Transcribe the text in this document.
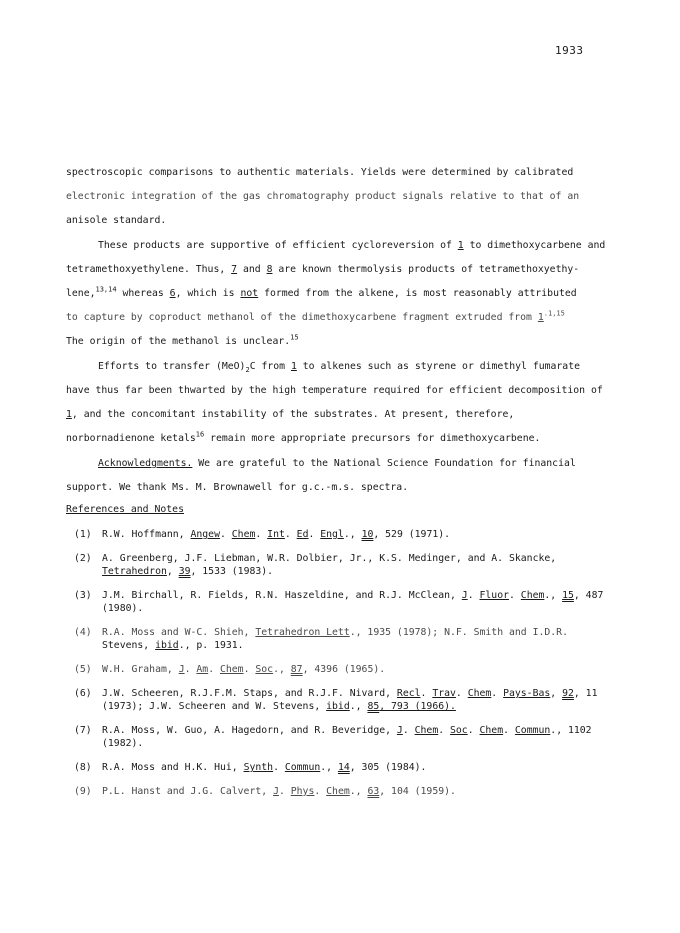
1933
spectroscopic comparisons to authentic materials. Yields were determined by calibrated
electronic integration of the gas chromatography product signals relative to that of an
anisole standard.
These products are supportive of efficient cycloreversion of 1 to dimethoxycarbene and
tetramethoxyethylene. Thus, 7 and 8 are known thermolysis products of tetramethoxyethy-
lene,$^{13,14}$ whereas 6, which is not formed from the alkene, is most reasonably attributed
to capture by coproduct methanol of the dimethoxycarbene fragment extruded from $1^{.1,15}$
The origin of the methanol is unclear.$^{15}$
Efforts to transfer $(MeO)_2C$ from 1 to alkenes such as styrene or dimethyl fumarate
have thus far been thwarted by the high temperature required for efficient decomposition of
1, and the concomitant instability of the substrates. At present, therefore,
norbornadienone ketals$^{16}$ remain more appropriate precursors for dimethoxycarbene.
Acknowledgments. We are grateful to the National Science Foundation for financial
support. We thank Ms. M. Brownawell for g.c.-m.s. spectra.
References and Notes
(1) R.W. Hoffmann, Angew. Chem. Int. Ed. Engl., 10, 529 (1971).
(2) A. Greenberg, J.F. Liebman, W.R. Dolbier, Jr., K.S. Medinger, and A. Skancke,
Tetrahedron, 39, 1533 (1983).
(3) J.M. Birchall, R. Fields, R.N. Haszeldine, and R.J. McClean, J. Fluor. Chem., 15, 487
(1980).
(4) R.A. Moss and W-C. Shieh, Tetrahedron Lett., 1935 (1978); N.F. Smith and I.D.R.
Stevens, ibid., p. 1931.
(5) W.H. Graham, J. Am. Chem. Soc., 87, 4396 (1965).
(6) J.W. Scheeren, R.J.F.M. Staps, and R.J.F. Nivard, Recl. Trav. Chem. Pays-Bas, 92, 11
(1973); J.W. Scheeren and W. Stevens, ibid., 85, 793 (1966).
(7) R.A. Moss, W. Guo, A. Hagedorn, and R. Beveridge, J. Chem. Soc. Chem. Commun., 1102
(1982).
(8) R.A. Moss and H.K. Hui, Synth. Commun., 14, 305 (1984).
(9) P.L. Hanst and J.G. Calvert, J. Phys. Chem., 63, 104 (1959).
